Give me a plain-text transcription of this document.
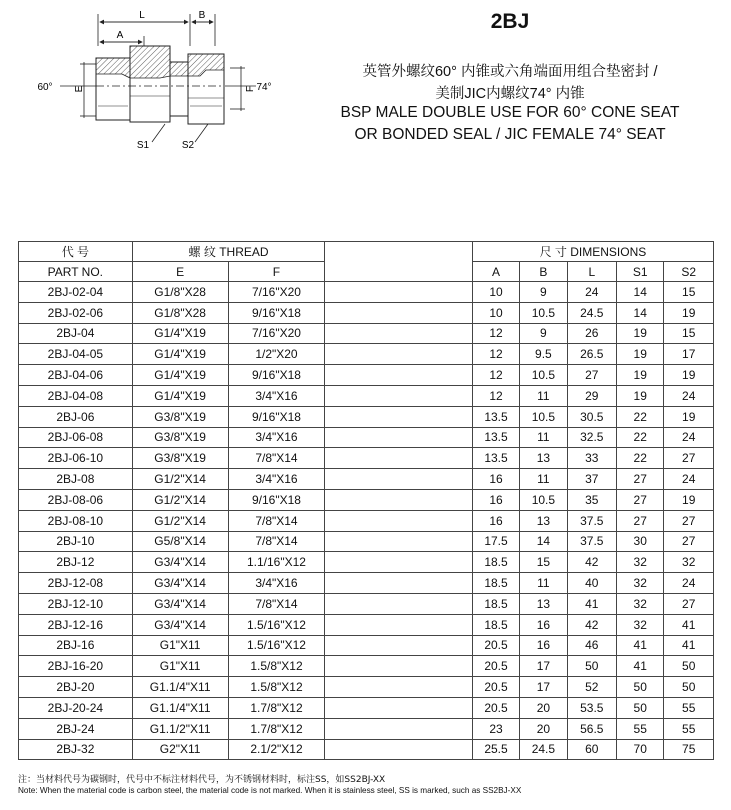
L	B
A
E	F
60°	74°
S1	S2
2BJ
英管外螺纹60° 内锥或六角端面用组合垫密封 /
美制JIC内螺纹74° 内锥
BSP MALE DOUBLE USE FOR 60° CONE SEAT
OR BONDED SEAL / JIC FEMALE 74° SEAT
代 号	螺 纹 THREAD			尺 寸 DIMENSIONS				
PART NO.	E	F		A	B	L	S1	S2
2BJ-02-04	G1/8"X28	7/16"X20		10	9	24	14	15
2BJ-02-06	G1/8"X28	9/16"X18		10	10.5	24.5	14	19
2BJ-04	G1/4"X19	7/16"X20		12	9	26	19	15
2BJ-04-05	G1/4"X19	1/2"X20		12	9.5	26.5	19	17
2BJ-04-06	G1/4"X19	9/16"X18		12	10.5	27	19	19
2BJ-04-08	G1/4"X19	3/4"X16		12	11	29	19	24
2BJ-06	G3/8"X19	9/16"X18		13.5	10.5	30.5	22	19
2BJ-06-08	G3/8"X19	3/4"X16		13.5	11	32.5	22	24
2BJ-06-10	G3/8"X19	7/8"X14		13.5	13	33	22	27
2BJ-08	G1/2"X14	3/4"X16		16	11	37	27	24
2BJ-08-06	G1/2"X14	9/16"X18		16	10.5	35	27	19
2BJ-08-10	G1/2"X14	7/8"X14		16	13	37.5	27	27
2BJ-10	G5/8"X14	7/8"X14		17.5	14	37.5	30	27
2BJ-12	G3/4"X14	1.1/16"X12		18.5	15	42	32	32
2BJ-12-08	G3/4"X14	3/4"X16		18.5	11	40	32	24
2BJ-12-10	G3/4"X14	7/8"X14		18.5	13	41	32	27
2BJ-12-16	G3/4"X14	1.5/16"X12		18.5	16	42	32	41
2BJ-16	G1"X11	1.5/16"X12		20.5	16	46	41	41
2BJ-16-20	G1"X11	1.5/8"X12		20.5	17	50	41	50
2BJ-20	G1.1/4"X11	1.5/8"X12		20.5	17	52	50	50
2BJ-20-24	G1.1/4"X11	1.7/8"X12		20.5	20	53.5	50	55
2BJ-24	G1.1/2"X11	1.7/8"X12		23	20	56.5	55	55
2BJ-32	G2"X11	2.1/2"X12		25.5	24.5	60	70	75
注：当材料代号为碳钢时，代号中不标注材料代号，为不锈钢材料时，标注SS，如SS2BJ-XX
Note: When the material code is carbon steel, the material code is not marked. When it is stainless steel, SS is marked, such as SS2BJ-XX
